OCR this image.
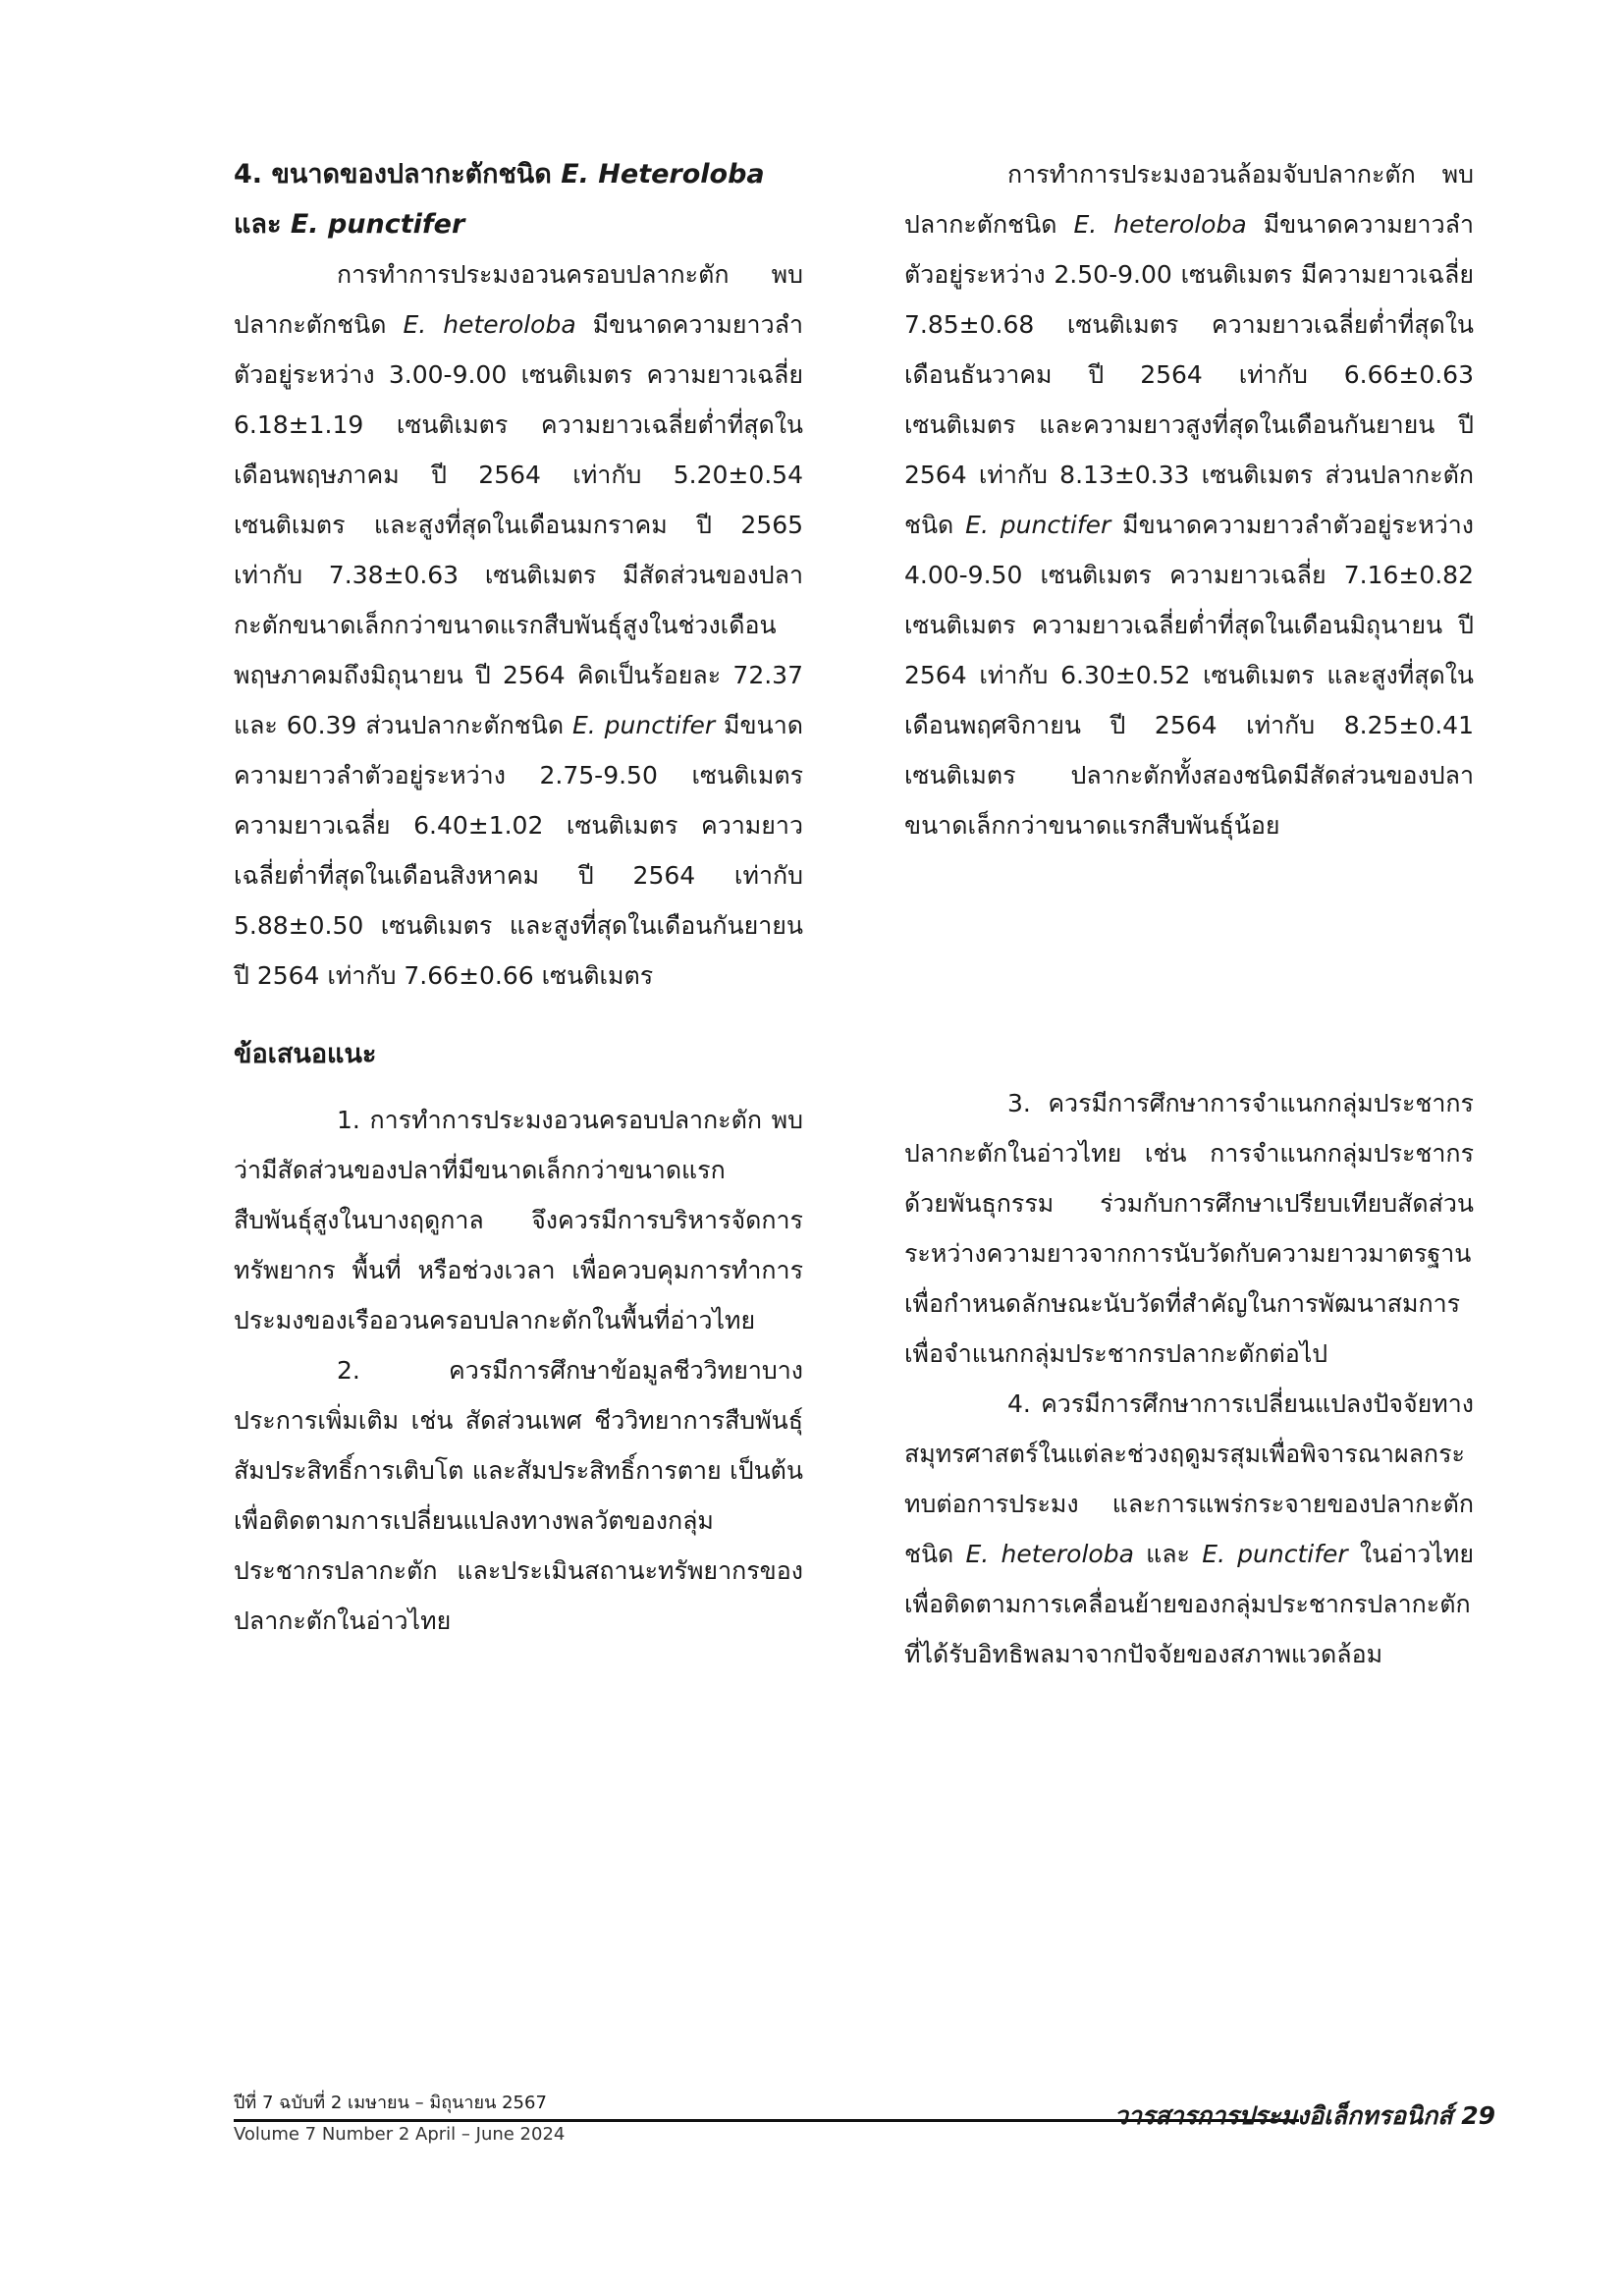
4. ขนาดของปลากะตักชนิด E. Heteroloba และ E. punctifer

การทำการประมงอวนครอบปลากะตัก พบปลากะตักชนิด E. heteroloba มีขนาดความยาวลำตัวอยู่ระหว่าง 3.00-9.00 เซนติเมตร ความยาวเฉลี่ย 6.18±1.19 เซนติเมตร ความยาวเฉลี่ยต่ำที่สุดในเดือนพฤษภาคม ปี 2564 เท่ากับ 5.20±0.54 เซนติเมตร และสูงที่สุดในเดือนมกราคม ปี 2565 เท่ากับ 7.38±0.63 เซนติเมตร มีสัดส่วนของปลากะตักขนาดเล็กกว่าขนาดแรกสืบพันธุ์สูงในช่วงเดือนพฤษภาคมถึงมิถุนายน ปี 2564 คิดเป็นร้อยละ 72.37 และ 60.39 ส่วนปลากะตักชนิด E. punctifer มีขนาดความยาวลำตัวอยู่ระหว่าง 2.75-9.50 เซนติเมตร ความยาวเฉลี่ย 6.40±1.02 เซนติเมตร ความยาวเฉลี่ยต่ำที่สุดในเดือนสิงหาคม ปี 2564 เท่ากับ 5.88±0.50 เซนติเมตร และสูงที่สุดในเดือนกันยายน ปี 2564 เท่ากับ 7.66±0.66 เซนติเมตร

การทำการประมงอวนล้อมจับปลากะตัก พบปลากะตักชนิด E. heteroloba มีขนาดความยาวลำตัวอยู่ระหว่าง 2.50-9.00 เซนติเมตร มีความยาวเฉลี่ย 7.85±0.68 เซนติเมตร ความยาวเฉลี่ยต่ำที่สุดในเดือนธันวาคม ปี 2564 เท่ากับ 6.66±0.63 เซนติเมตร และความยาวสูงที่สุดในเดือนกันยายน ปี 2564 เท่ากับ 8.13±0.33 เซนติเมตร ส่วนปลากะตักชนิด E. punctifer มีขนาดความยาวลำตัวอยู่ระหว่าง 4.00-9.50 เซนติเมตร ความยาวเฉลี่ย 7.16±0.82 เซนติเมตร ความยาวเฉลี่ยต่ำที่สุดในเดือนมิถุนายน ปี 2564 เท่ากับ 6.30±0.52 เซนติเมตร และสูงที่สุดในเดือนพฤศจิกายน ปี 2564 เท่ากับ 8.25±0.41 เซนติเมตร ปลากะตักทั้งสองชนิดมีสัดส่วนของปลาขนาดเล็กกว่าขนาดแรกสืบพันธุ์น้อย

ข้อเสนอแนะ

1. การทำการประมงอวนครอบปลากะตัก พบว่ามีสัดส่วนของปลาที่มีขนาดเล็กกว่าขนาดแรกสืบพันธุ์สูงในบางฤดูกาล จึงควรมีการบริหารจัดการทรัพยากร พื้นที่ หรือช่วงเวลา เพื่อควบคุมการทำการประมงของเรืออวนครอบปลากะตักในพื้นที่อ่าวไทย

2. ควรมีการศึกษาข้อมูลชีววิทยาบางประการเพิ่มเติม เช่น สัดส่วนเพศ ชีววิทยาการสืบพันธุ์ สัมประสิทธิ์การเติบโต และสัมประสิทธิ์การตาย เป็นต้น เพื่อติดตามการเปลี่ยนแปลงทางพลวัตของกลุ่มประชากรปลากะตัก และประเมินสถานะทรัพยากรของปลากะตักในอ่าวไทย

3. ควรมีการศึกษาการจำแนกกลุ่มประชากรปลากะตักในอ่าวไทย เช่น การจำแนกกลุ่มประชากรด้วยพันธุกรรม ร่วมกับการศึกษาเปรียบเทียบสัดส่วนระหว่างความยาวจากการนับวัดกับความยาวมาตรฐานเพื่อกำหนดลักษณะนับวัดที่สำคัญในการพัฒนาสมการเพื่อจำแนกกลุ่มประชากรปลากะตักต่อไป

4. ควรมีการศึกษาการเปลี่ยนแปลงปัจจัยทางสมุทรศาสตร์ในแต่ละช่วงฤดูมรสุมเพื่อพิจารณาผลกระทบต่อการประมง และการแพร่กระจายของปลากะตักชนิด E. heteroloba และ E. punctifer ในอ่าวไทย เพื่อติดตามการเคลื่อนย้ายของกลุ่มประชากรปลากะตักที่ได้รับอิทธิพลมาจากปัจจัยของสภาพแวดล้อม

ปีที่ 7 ฉบับที่ 2 เมษายน – มิถุนายน 2567
Volume 7 Number 2 April – June 2024
วารสารการประมงอิเล็กทรอนิกส์ 29
